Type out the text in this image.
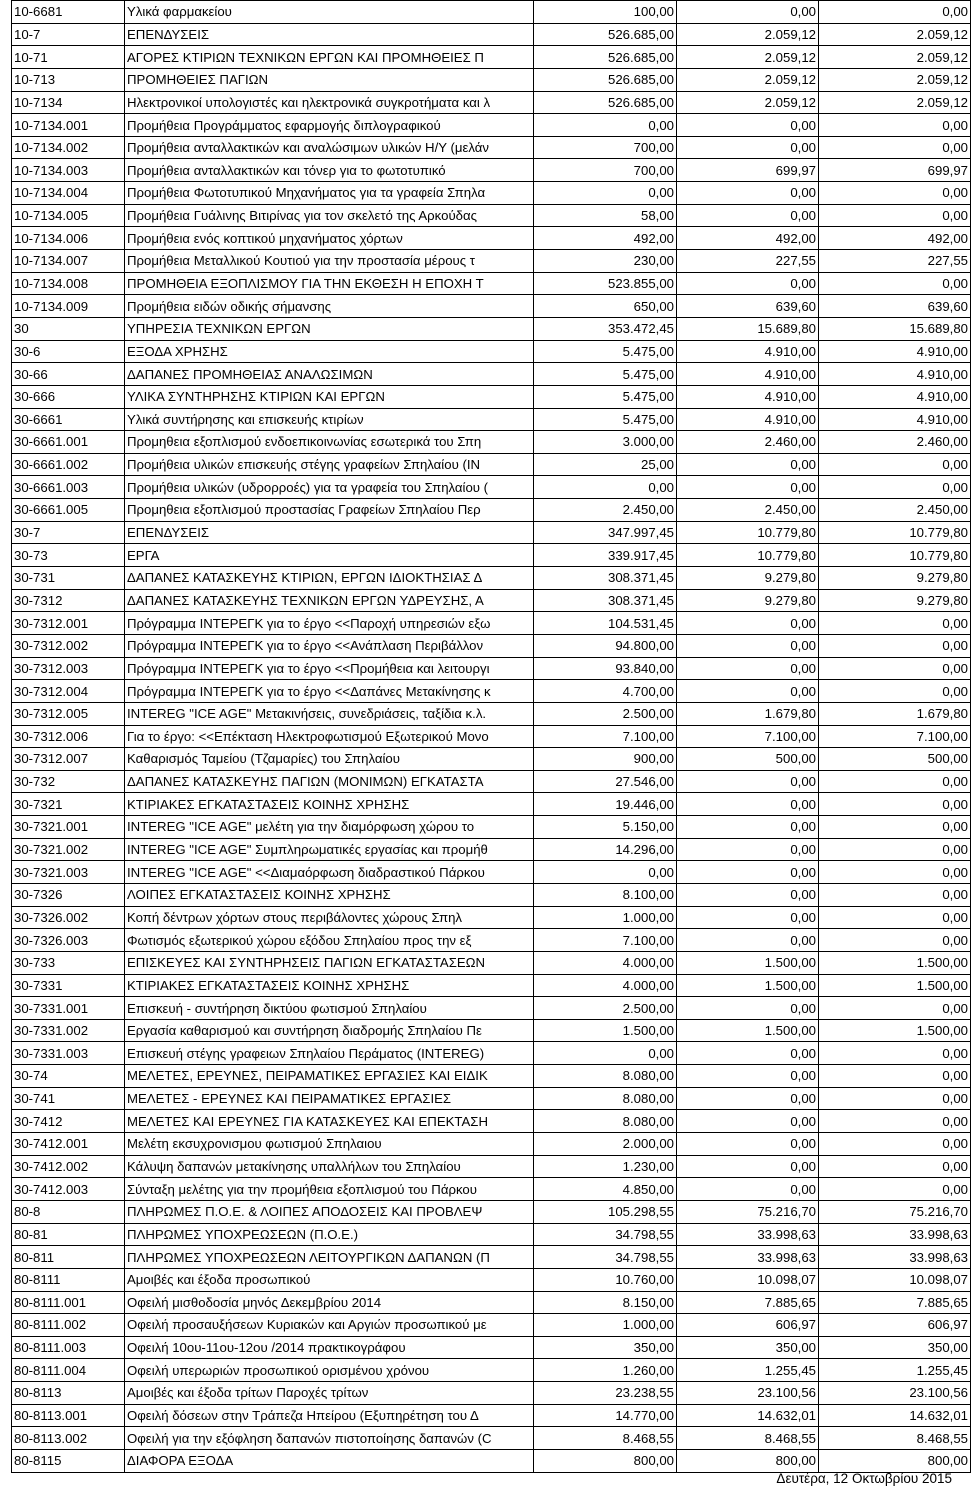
10-6681	Υλικά φαρμακείου	100,00	0,00	0,00
10-7	ΕΠΕΝΔΥΣΕΙΣ	526.685,00	2.059,12	2.059,12
10-71	ΑΓΟΡΕΣ ΚΤΙΡΙΩΝ ΤΕΧΝΙΚΩΝ ΕΡΓΩΝ ΚΑΙ ΠΡΟΜΗΘΕΙΕΣ Π	526.685,00	2.059,12	2.059,12
10-713	ΠΡΟΜΗΘΕΙΕΣ ΠΑΓΙΩΝ	526.685,00	2.059,12	2.059,12
10-7134	Ηλεκτρονικοί υπολογιστές και ηλεκτρονικά συγκροτήματα και λ	526.685,00	2.059,12	2.059,12
10-7134.001	Προμήθεια Προγράμματος εφαρμογής διπλογραφικού	0,00	0,00	0,00
10-7134.002	Προμήθεια ανταλλακτικών και αναλώσιμων υλικών Η/Υ (μελάν	700,00	0,00	0,00
10-7134.003	Προμήθεια ανταλλακτικών και τόνερ για το φωτοτυπικό	700,00	699,97	699,97
10-7134.004	Προμήθεια Φωτοτυπικού Μηχανήματος για τα γραφεία Σπηλα	0,00	0,00	0,00
10-7134.005	Προμήθεια Γυάλινης Βιτιρίνας για τον σκελετό της Αρκούδας	58,00	0,00	0,00
10-7134.006	Προμήθεια ενός κοπτικού μηχανήματος χόρτων	492,00	492,00	492,00
10-7134.007	Προμήθεια Μεταλλικού Κουτιού για την προστασία μέρους τ	230,00	227,55	227,55
10-7134.008	ΠΡΟΜΗΘΕΙΑ ΕΞΟΠΛΙΣΜΟΥ ΓΙΑ ΤΗΝ ΕΚΘΕΣΗ Η ΕΠΟΧΗ Τ	523.855,00	0,00	0,00
10-7134.009	Προμήθεια ειδών οδικής σήμανσης	650,00	639,60	639,60
30	ΥΠΗΡΕΣΙΑ ΤΕΧΝΙΚΩΝ ΕΡΓΩΝ	353.472,45	15.689,80	15.689,80
30-6	ΕΞΟΔΑ ΧΡΗΣΗΣ	5.475,00	4.910,00	4.910,00
30-66	ΔΑΠΑΝΕΣ ΠΡΟΜΗΘΕΙΑΣ ΑΝΑΛΩΣΙΜΩΝ	5.475,00	4.910,00	4.910,00
30-666	ΥΛΙΚΑ ΣΥΝΤΗΡΗΣΗΣ ΚΤΙΡΙΩΝ ΚΑΙ ΕΡΓΩΝ	5.475,00	4.910,00	4.910,00
30-6661	Υλικά συντήρησης και επισκευής κτιρίων	5.475,00	4.910,00	4.910,00
30-6661.001	Προμηθεια εξοπλισμού ενδοεπικοινωνίας εσωτερικά του Σπη	3.000,00	2.460,00	2.460,00
30-6661.002	Προμήθεια υλικών επισκευής στέγης γραφείων Σπηλαίου (ΙΝ	25,00	0,00	0,00
30-6661.003	Προμήθεια υλικών (υδρορροές) για τα γραφεία του Σπηλαίου (	0,00	0,00	0,00
30-6661.005	Προμηθεια εξοπλισμού προστασίας Γραφείων Σπηλαίου Περ	2.450,00	2.450,00	2.450,00
30-7	ΕΠΕΝΔΥΣΕΙΣ	347.997,45	10.779,80	10.779,80
30-73	ΕΡΓΑ	339.917,45	10.779,80	10.779,80
30-731	ΔΑΠΑΝΕΣ ΚΑΤΑΣΚΕΥΗΣ ΚΤΙΡΙΩΝ, ΕΡΓΩΝ ΙΔΙΟΚΤΗΣΙΑΣ Δ	308.371,45	9.279,80	9.279,80
30-7312	ΔΑΠΑΝΕΣ ΚΑΤΑΣΚΕΥΗΣ ΤΕΧΝΙΚΩΝ ΕΡΓΩΝ ΥΔΡΕΥΣΗΣ, Α	308.371,45	9.279,80	9.279,80
30-7312.001	Πρόγραμμα ΙΝΤΕΡΕΓΚ για το έργο <<Παροχή υπηρεσιών εξω	104.531,45	0,00	0,00
30-7312.002	Πρόγραμμα ΙΝΤΕΡΕΓΚ για το έργο <<Ανάπλαση Περιβάλλον	94.800,00	0,00	0,00
30-7312.003	Πρόγραμμα ΙΝΤΕΡΕΓΚ για το έργο <<Προμήθεια και λειτουργι	93.840,00	0,00	0,00
30-7312.004	Πρόγραμμα ΙΝΤΕΡΕΓΚ για το έργο <<Δαπάνες Μετακίνησης κ	4.700,00	0,00	0,00
30-7312.005	INTEREG "ICE AGE" Μετακινήσεις, συνεδριάσεις, ταξίδια κ.λ.	2.500,00	1.679,80	1.679,80
30-7312.006	Για το έργο: <<Επέκταση Ηλεκτροφωτισμού Εξωτερικού Μονο	7.100,00	7.100,00	7.100,00
30-7312.007	Καθαρισμός Ταμείου (Τζαμαρίες) του Σπηλαίου	900,00	500,00	500,00
30-732	ΔΑΠΑΝΕΣ ΚΑΤΑΣΚΕΥΗΣ ΠΑΓΙΩΝ (ΜΟΝΙΜΩΝ) ΕΓΚΑΤΑΣΤΑ	27.546,00	0,00	0,00
30-7321	ΚΤΙΡΙΑΚΕΣ ΕΓΚΑΤΑΣΤΑΣΕΙΣ ΚΟΙΝΗΣ ΧΡΗΣΗΣ	19.446,00	0,00	0,00
30-7321.001	INTEREG "ICE AGE" μελέτη για την διαμόρφωση χώρου το	5.150,00	0,00	0,00
30-7321.002	INTEREG "ICE AGE" Συμπληρωματικές εργασίας και προμήθ	14.296,00	0,00	0,00
30-7321.003	INTEREG "ICE AGE" <<Διαμαόρφωση διαδραστικού Πάρκου	0,00	0,00	0,00
30-7326	ΛΟΙΠΕΣ ΕΓΚΑΤΑΣΤΑΣΕΙΣ ΚΟΙΝΗΣ ΧΡΗΣΗΣ	8.100,00	0,00	0,00
30-7326.002	Κοπή δέντρων χόρτων στους περιβάλοντες χώρους Σπηλ	1.000,00	0,00	0,00
30-7326.003	Φωτισμός εξωτερικού χώρου εξόδου Σπηλαίου προς την εξ	7.100,00	0,00	0,00
30-733	ΕΠΙΣΚΕΥΕΣ ΚΑΙ ΣΥΝΤΗΡΗΣΕΙΣ ΠΑΓΙΩΝ ΕΓΚΑΤΑΣΤΑΣΕΩΝ	4.000,00	1.500,00	1.500,00
30-7331	ΚΤΙΡΙΑΚΕΣ ΕΓΚΑΤΑΣΤΑΣΕΙΣ ΚΟΙΝΗΣ ΧΡΗΣΗΣ	4.000,00	1.500,00	1.500,00
30-7331.001	Επισκευή - συντήρηση δικτύου φωτισμού Σπηλαίου	2.500,00	0,00	0,00
30-7331.002	Εργασία καθαρισμού και συντήρηση διαδρομής Σπηλαίου Πε	1.500,00	1.500,00	1.500,00
30-7331.003	Επισκευή στέγης γραφειων Σπηλαίου Περάματος (INTEREG)	0,00	0,00	0,00
30-74	ΜΕΛΕΤΕΣ, ΕΡΕΥΝΕΣ, ΠΕΙΡΑΜΑΤΙΚΕΣ ΕΡΓΑΣΙΕΣ ΚΑΙ ΕΙΔΙΚ	8.080,00	0,00	0,00
30-741	ΜΕΛΕΤΕΣ - ΕΡΕΥΝΕΣ ΚΑΙ ΠΕΙΡΑΜΑΤΙΚΕΣ ΕΡΓΑΣΙΕΣ	8.080,00	0,00	0,00
30-7412	ΜΕΛΕΤΕΣ ΚΑΙ ΕΡΕΥΝΕΣ ΓΙΑ ΚΑΤΑΣΚΕΥΕΣ ΚΑΙ ΕΠΕΚΤΑΣΗ	8.080,00	0,00	0,00
30-7412.001	Μελέτη εκσυχρονισμου φωτισμού Σπηλαιου	2.000,00	0,00	0,00
30-7412.002	Κάλυψη δαπανών μετακίνησης υπαλλήλων του Σπηλαίου	1.230,00	0,00	0,00
30-7412.003	Σύνταξη μελέτης για την προμήθεια εξοπλισμού του Πάρκου	4.850,00	0,00	0,00
80-8	ΠΛΗΡΩΜΕΣ Π.Ο.Ε. & ΛΟΙΠΕΣ ΑΠΟΔΟΣΕΙΣ ΚΑΙ ΠΡΟΒΛΕΨ	105.298,55	75.216,70	75.216,70
80-81	ΠΛΗΡΩΜΕΣ ΥΠΟΧΡΕΩΣΕΩΝ (Π.Ο.Ε.)	34.798,55	33.998,63	33.998,63
80-811	ΠΛΗΡΩΜΕΣ ΥΠΟΧΡΕΩΣΕΩΝ ΛΕΙΤΟΥΡΓΙΚΩΝ ΔΑΠΑΝΩΝ (Π	34.798,55	33.998,63	33.998,63
80-8111	Αμοιβές και έξοδα προσωπικού	10.760,00	10.098,07	10.098,07
80-8111.001	Οφειλή μισθοδοσία μηνός Δεκεμβρίου 2014	8.150,00	7.885,65	7.885,65
80-8111.002	Οφειλή προσαυξήσεων Κυριακών και Αργιών προσωπικού με	1.000,00	606,97	606,97
80-8111.003	Οφειλή 10ου-11ου-12ου /2014 πρακτικογράφου	350,00	350,00	350,00
80-8111.004	Οφειλή υπερωριών προσωπικού ορισμένου χρόνου	1.260,00	1.255,45	1.255,45
80-8113	Αμοιβές και έξοδα τρίτων Παροχές τρίτων	23.238,55	23.100,56	23.100,56
80-8113.001	Οφειλή δόσεων στην Τράπεζα Ηπείρου (Εξυπηρέτηση του Δ	14.770,00	14.632,01	14.632,01
80-8113.002	Οφειλή για την εξόφληση δαπανών πιστοποίησης δαπανών (C	8.468,55	8.468,55	8.468,55
80-8115	ΔΙΑΦΟΡΑ ΕΞΟΔΑ	800,00	800,00	800,00
Δευτέρα, 12 Οκτωβρίου 2015
